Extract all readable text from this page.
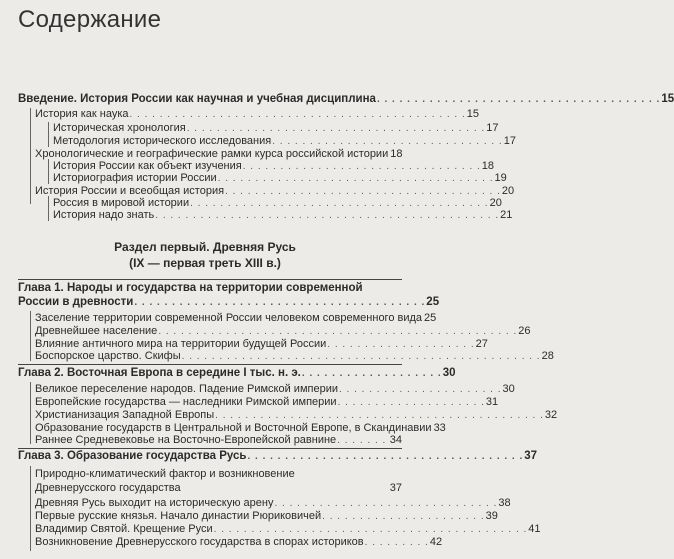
Содержание
Введение. История России как научная и учебная дисциплина . . . . . . . . . . . . . . . . . . . . . . . . . . . . . . . . . . . . . . 15
История как наука . . . . . . . . . . . . . . . . . . . . . . . . . . . . . . . . . . . . . . . . . . . . . 15
Историческая хронология . . . . . . . . . . . . . . . . . . . . . . . . . . . . . . . . . . . . . . . . 17
Методология исторического исследования . . . . . . . . . . . . . . . . . . . . . . . . . . . . . . . 17
Хронологические и географические рамки курса российской истории 18
История России как объект изучения . . . . . . . . . . . . . . . . . . . . . . . . . . . . . . . . 18
Историография истории России . . . . . . . . . . . . . . . . . . . . . . . . . . . . . . . . . . . . . 19
История России и всеобщая история . . . . . . . . . . . . . . . . . . . . . . . . . . . . . . . . . . . . . 20
Россия в мировой истории . . . . . . . . . . . . . . . . . . . . . . . . . . . . . . . . . . . . . . . . 20
История надо знать . . . . . . . . . . . . . . . . . . . . . . . . . . . . . . . . . . . . . . . . . . . . . . 21
Раздел первый. Древняя Русь
(IX — первая треть XIII в.)
Глава 1. Народы и государства на территории современной
России в древности . . . . . . . . . . . . . . . . . . . . . . . . . . . . . . . . . . . . . . . 25
Заселение территории современной России человеком современного вида 25
Древнейшее население . . . . . . . . . . . . . . . . . . . . . . . . . . . . . . . . . . . . . . . . . . . . . . . . 26
Влияние античного мира на территории будущей России . . . . . . . . . . . . . . . . . . . . 27
Боспорское царство. Скифы . . . . . . . . . . . . . . . . . . . . . . . . . . . . . . . . . . . . . . . . . . . . . . . . 28
Глава 2. Восточная Европа в середине I тыс. н. э. . . . . . . . . . . . . . . . . . . . 30
Великое переселение народов. Падение Римской империи . . . . . . . . . . . . . . . . . . . . . . 30
Европейские государства — наследники Римской империи . . . . . . . . . . . . . . . . . . . . 31
Христианизация Западной Европы . . . . . . . . . . . . . . . . . . . . . . . . . . . . . . . . . . . . . . . . . . . . 32
Образование государств в Центральной и Восточной Европе, в Скандинавии 33
Раннее Средневековье на Восточно-Европейской равнине . . . . . . . 34
Глава 3. Образование государства Русь . . . . . . . . . . . . . . . . . . . . . . . . . . . . . . . . . . . . . 37
Природно-климатический фактор и возникновение Древнерусского государства	37
Древняя Русь выходит на историческую арену . . . . . . . . . . . . . . . . . . . . . . . . . . . . . . 38
Первые русские князья. Начало династии Рюриковичей . . . . . . . . . . . . . . . . . . . . . . 39
Владимир Святой. Крещение Руси . . . . . . . . . . . . . . . . . . . . . . . . . . . . . . . . . . . . . . . . . . 41
Возникновение Древнерусского государства в спорах историков . . . . . . . . . 42
